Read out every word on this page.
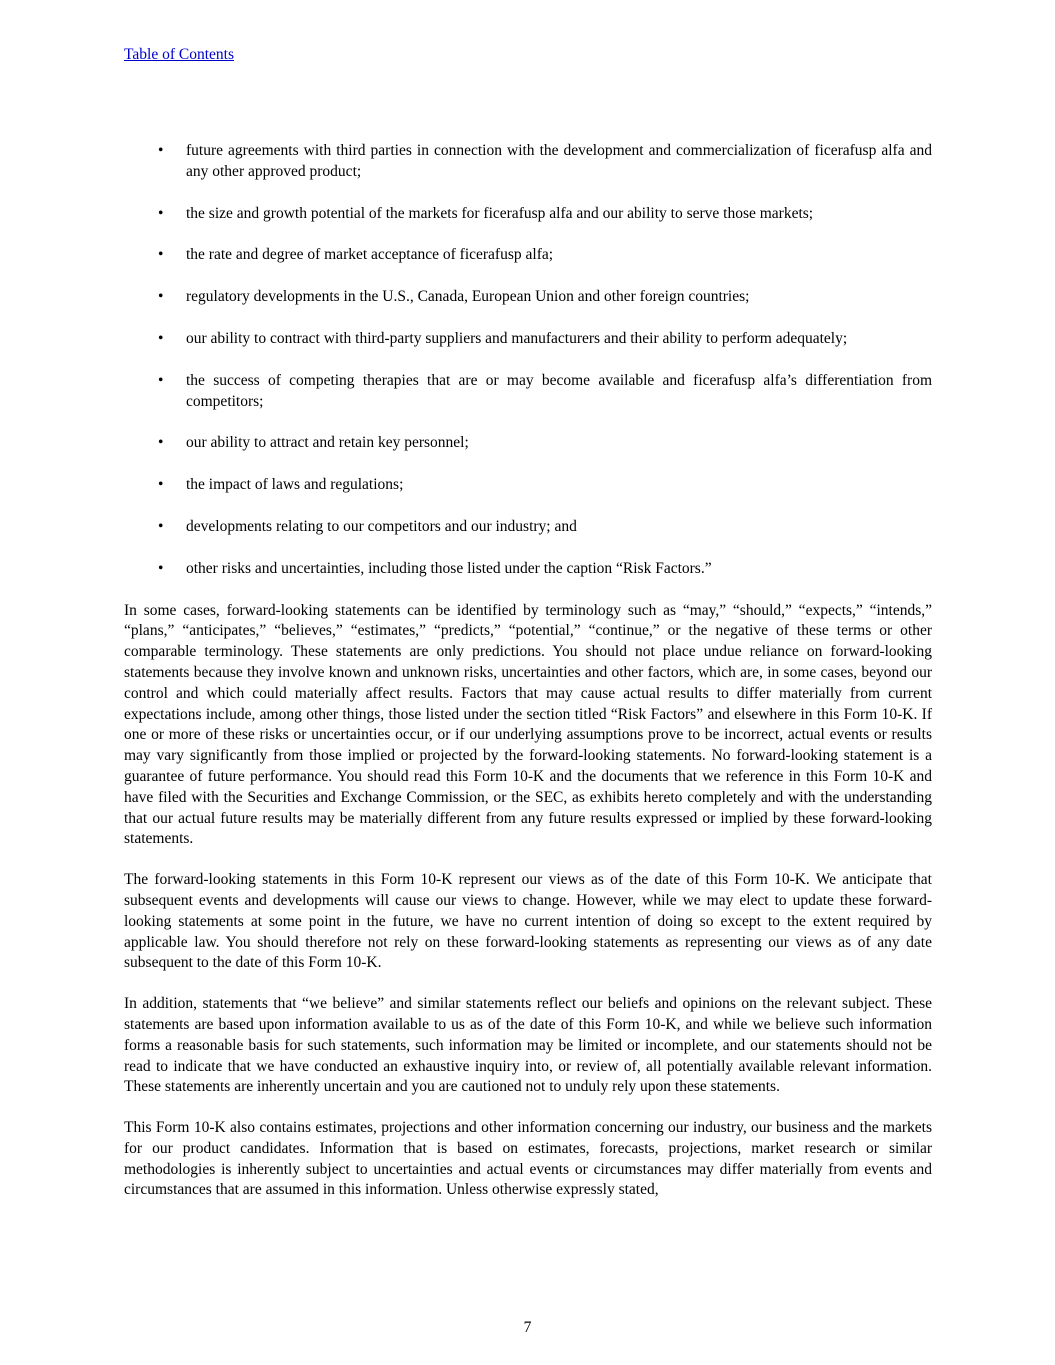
Table of Contents
• future agreements with third parties in connection with the development and commercialization of ficerafusp alfa and any other approved product;
• the size and growth potential of the markets for ficerafusp alfa and our ability to serve those markets;
• the rate and degree of market acceptance of ficerafusp alfa;
• regulatory developments in the U.S., Canada, European Union and other foreign countries;
• our ability to contract with third-party suppliers and manufacturers and their ability to perform adequately;
• the success of competing therapies that are or may become available and ficerafusp alfa’s differentiation from competitors;
• our ability to attract and retain key personnel;
• the impact of laws and regulations;
• developments relating to our competitors and our industry; and
• other risks and uncertainties, including those listed under the caption “Risk Factors.”

In some cases, forward-looking statements can be identified by terminology such as “may,” “should,” “expects,” “intends,” “plans,” “anticipates,” “believes,” “estimates,” “predicts,” “potential,” “continue,” or the negative of these terms or other comparable terminology. These statements are only predictions. You should not place undue reliance on forward-looking statements because they involve known and unknown risks, uncertainties and other factors, which are, in some cases, beyond our control and which could materially affect results. Factors that may cause actual results to differ materially from current expectations include, among other things, those listed under the section titled “Risk Factors” and elsewhere in this Form 10-K. If one or more of these risks or uncertainties occur, or if our underlying assumptions prove to be incorrect, actual events or results may vary significantly from those implied or projected by the forward-looking statements. No forward-looking statement is a guarantee of future performance. You should read this Form 10-K and the documents that we reference in this Form 10-K and have filed with the Securities and Exchange Commission, or the SEC, as exhibits hereto completely and with the understanding that our actual future results may be materially different from any future results expressed or implied by these forward-looking statements.

The forward-looking statements in this Form 10-K represent our views as of the date of this Form 10-K. We anticipate that subsequent events and developments will cause our views to change. However, while we may elect to update these forward-looking statements at some point in the future, we have no current intention of doing so except to the extent required by applicable law. You should therefore not rely on these forward-looking statements as representing our views as of any date subsequent to the date of this Form 10-K.

In addition, statements that “we believe” and similar statements reflect our beliefs and opinions on the relevant subject. These statements are based upon information available to us as of the date of this Form 10-K, and while we believe such information forms a reasonable basis for such statements, such information may be limited or incomplete, and our statements should not be read to indicate that we have conducted an exhaustive inquiry into, or review of, all potentially available relevant information. These statements are inherently uncertain and you are cautioned not to unduly rely upon these statements.

This Form 10-K also contains estimates, projections and other information concerning our industry, our business and the markets for our product candidates. Information that is based on estimates, forecasts, projections, market research or similar methodologies is inherently subject to uncertainties and actual events or circumstances may differ materially from events and circumstances that are assumed in this information. Unless otherwise expressly stated,

7
